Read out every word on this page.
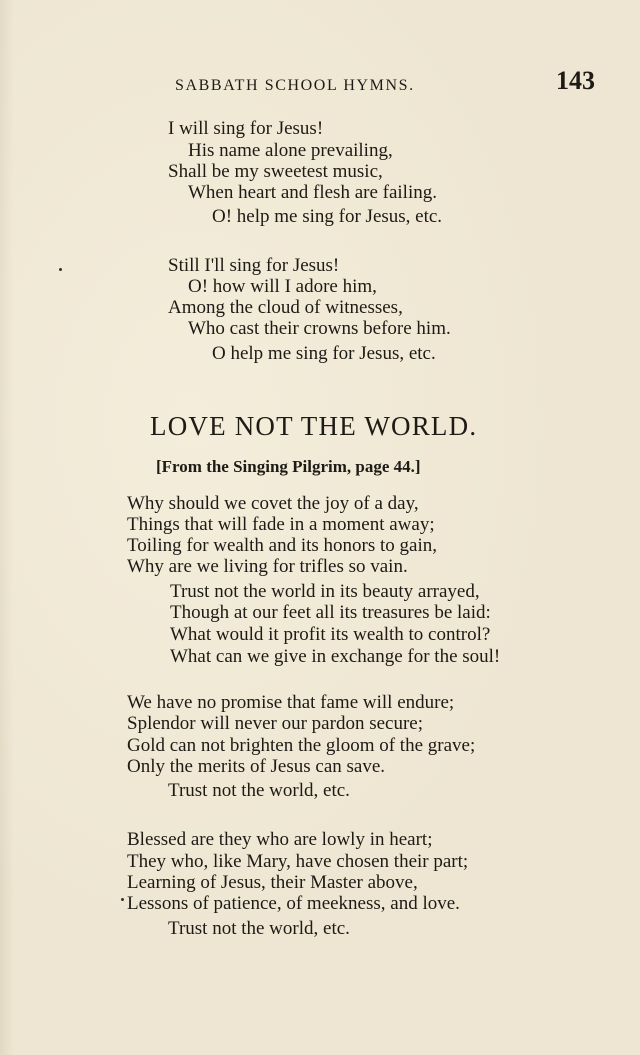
SABBATH SCHOOL HYMNS.	143
I will sing for Jesus!
His name alone prevailing,
Shall be my sweetest music,
When heart and flesh are failing.
O! help me sing for Jesus, etc.
Still I'll sing for Jesus!
O! how will I adore him,
Among the cloud of witnesses,
Who cast their crowns before him.
O help me sing for Jesus, etc.
LOVE NOT THE WORLD.
[From the Singing Pilgrim, page 44.]
Why should we covet the joy of a day,
Things that will fade in a moment away;
Toiling for wealth and its honors to gain,
Why are we living for trifles so vain.
Trust not the world in its beauty arrayed,
Though at our feet all its treasures be laid:
What would it profit its wealth to control?
What can we give in exchange for the soul!
We have no promise that fame will endure;
Splendor will never our pardon secure;
Gold can not brighten the gloom of the grave;
Only the merits of Jesus can save.
Trust not the world, etc.
Blessed are they who are lowly in heart;
They who, like Mary, have chosen their part;
Learning of Jesus, their Master above,
Lessons of patience, of meekness, and love.
Trust not the world, etc.
